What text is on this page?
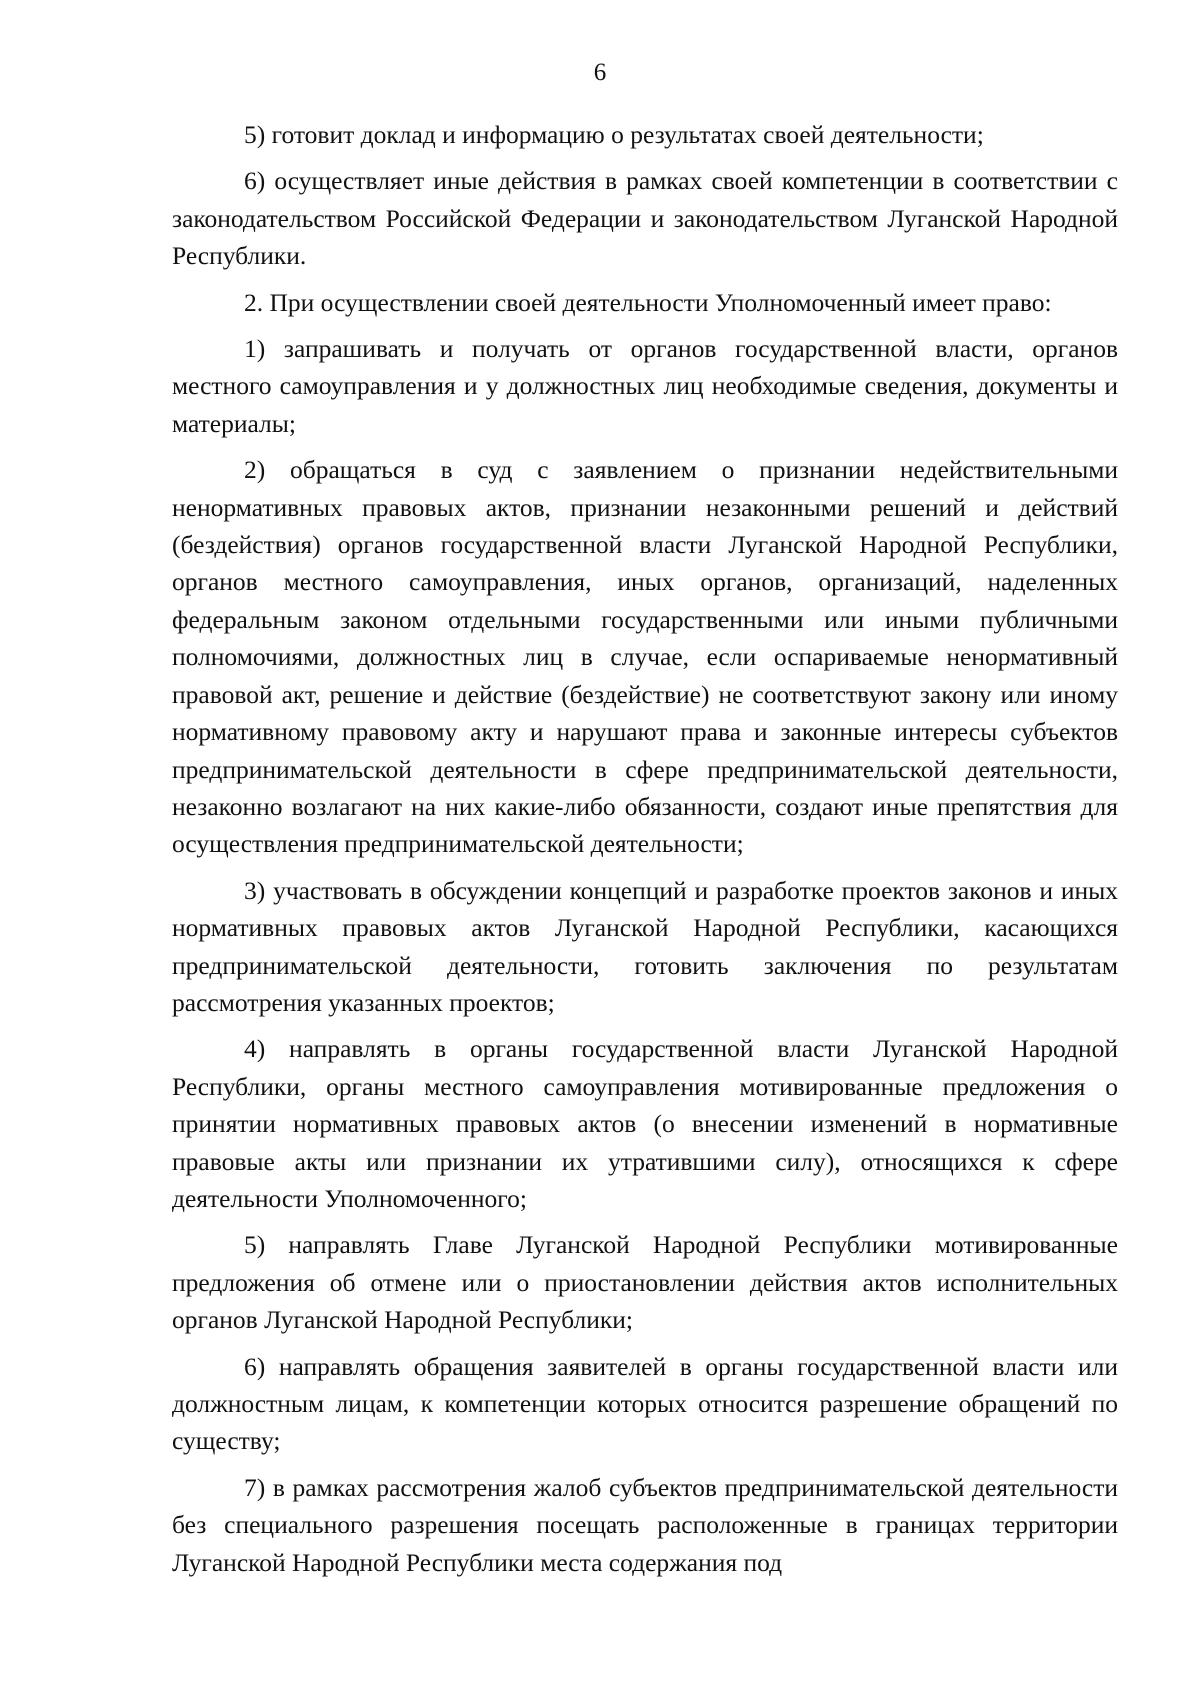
6

5) готовит доклад и информацию о результатах своей деятельности;

6) осуществляет иные действия в рамках своей компетенции в соответствии с законодательством Российской Федерации и законодательством Луганской Народной Республики.

2. При осуществлении своей деятельности Уполномоченный имеет право:

1) запрашивать и получать от органов государственной власти, органов местного самоуправления и у должностных лиц необходимые сведения, документы и материалы;

2) обращаться в суд с заявлением о признании недействительными ненормативных правовых актов, признании незаконными решений и действий (бездействия) органов государственной власти Луганской Народной Республики, органов местного самоуправления, иных органов, организаций, наделенных федеральным законом отдельными государственными или иными публичными полномочиями, должностных лиц в случае, если оспариваемые ненормативный правовой акт, решение и действие (бездействие) не соответствуют закону или иному нормативному правовому акту и нарушают права и законные интересы субъектов предпринимательской деятельности в сфере предпринимательской деятельности, незаконно возлагают на них какие-либо обязанности, создают иные препятствия для осуществления предпринимательской деятельности;

3) участвовать в обсуждении концепций и разработке проектов законов и иных нормативных правовых актов Луганской Народной Республики, касающихся предпринимательской деятельности, готовить заключения по результатам рассмотрения указанных проектов;

4) направлять в органы государственной власти Луганской Народной Республики, органы местного самоуправления мотивированные предложения о принятии нормативных правовых актов (о внесении изменений в нормативные правовые акты или признании их утратившими силу), относящихся к сфере деятельности Уполномоченного;

5) направлять Главе Луганской Народной Республики мотивированные предложения об отмене или о приостановлении действия актов исполнительных органов Луганской Народной Республики;

6) направлять обращения заявителей в органы государственной власти или должностным лицам, к компетенции которых относится разрешение обращений по существу;

7) в рамках рассмотрения жалоб субъектов предпринимательской деятельности без специального разрешения посещать расположенные в границах территории Луганской Народной Республики места содержания под
